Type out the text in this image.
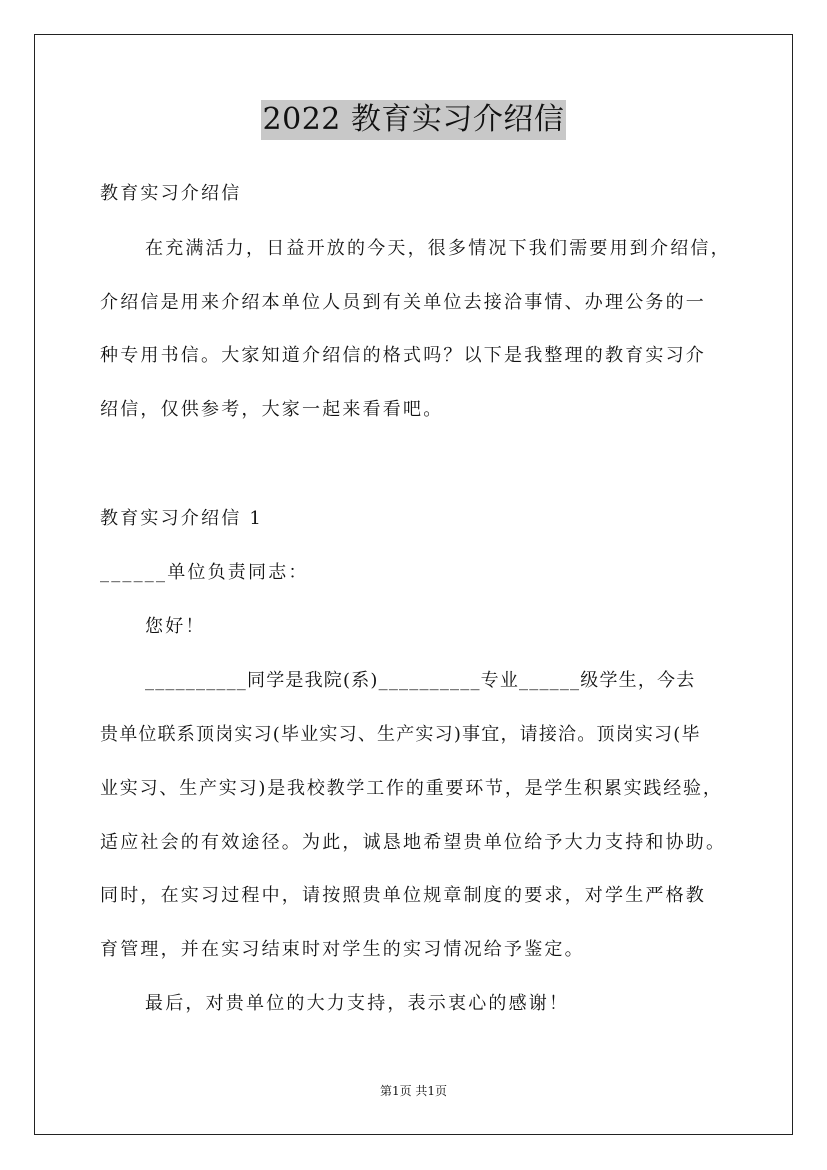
2022 教育实习介绍信
教育实习介绍信
在充满活力，日益开放的今天，很多情况下我们需要用到介绍信，
介绍信是用来介绍本单位人员到有关单位去接洽事情、办理公务的一
种专用书信。大家知道介绍信的格式吗？以下是我整理的教育实习介
绍信，仅供参考，大家一起来看看吧。
教育实习介绍信 1
______单位负责同志：
您好！
__________同学是我院(系)__________专业______级学生，今去
贵单位联系顶岗实习(毕业实习、生产实习)事宜，请接洽。顶岗实习(毕
业实习、生产实习)是我校教学工作的重要环节，是学生积累实践经验，
适应社会的有效途径。为此，诚恳地希望贵单位给予大力支持和协助。
同时，在实习过程中，请按照贵单位规章制度的要求，对学生严格教
育管理，并在实习结束时对学生的实习情况给予鉴定。
最后，对贵单位的大力支持，表示衷心的感谢！
第1页 共1页
